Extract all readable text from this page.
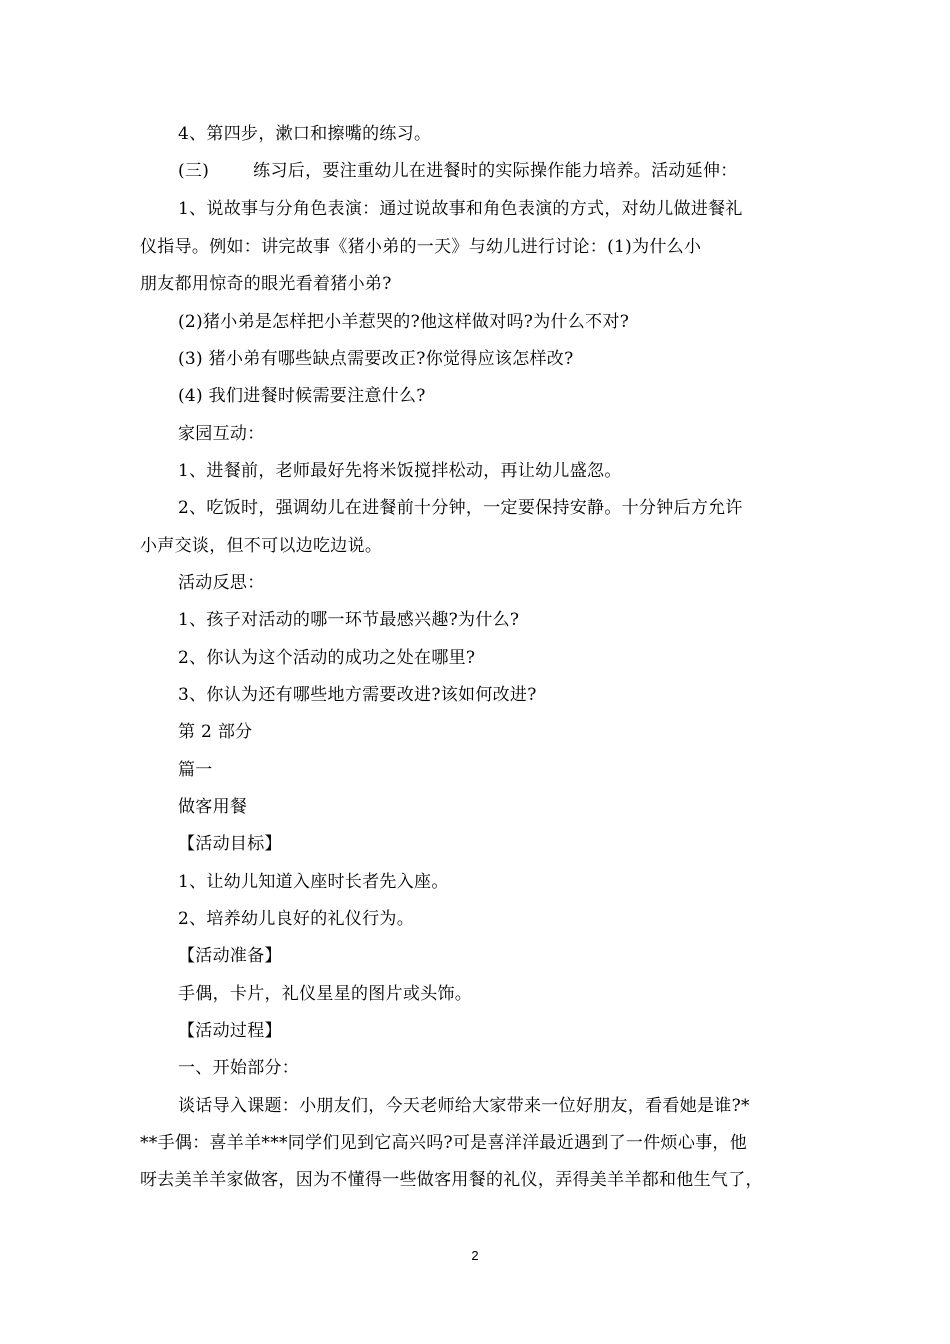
4、第四步，漱口和擦嘴的练习。
(三)	练习后，要注重幼儿在进餐时的实际操作能力培养。活动延伸：
1、说故事与分角色表演：通过说故事和角色表演的方式，对幼儿做进餐礼
仪指导。例如：讲完故事《猪小弟的一天》与幼儿进行讨论：(1)为什么小
朋友都用惊奇的眼光看着猪小弟?
(2)猪小弟是怎样把小羊惹哭的?他这样做对吗?为什么不对?
(3) 猪小弟有哪些缺点需要改正?你觉得应该怎样改?
(4) 我们进餐时候需要注意什么?
家园互动：
1、进餐前，老师最好先将米饭搅拌松动，再让幼儿盛忽。
2、吃饭时，强调幼儿在进餐前十分钟，一定要保持安静。十分钟后方允许
小声交谈，但不可以边吃边说。
活动反思：
1、孩子对活动的哪一环节最感兴趣?为什么?
2、你认为这个活动的成功之处在哪里?
3、你认为还有哪些地方需要改进?该如何改进?
第 2 部分
篇一
做客用餐
【活动目标】
1、让幼儿知道入座时长者先入座。
2、培养幼儿良好的礼仪行为。
【活动准备】
手偶，卡片，礼仪星星的图片或头饰。
【活动过程】
一、开始部分：
谈话导入课题：小朋友们，今天老师给大家带来一位好朋友，看看她是谁?*
**手偶：喜羊羊***同学们见到它高兴吗?可是喜洋洋最近遇到了一件烦心事，他
呀去美羊羊家做客，因为不懂得一些做客用餐的礼仪，弄得美羊羊都和他生气了，
2
